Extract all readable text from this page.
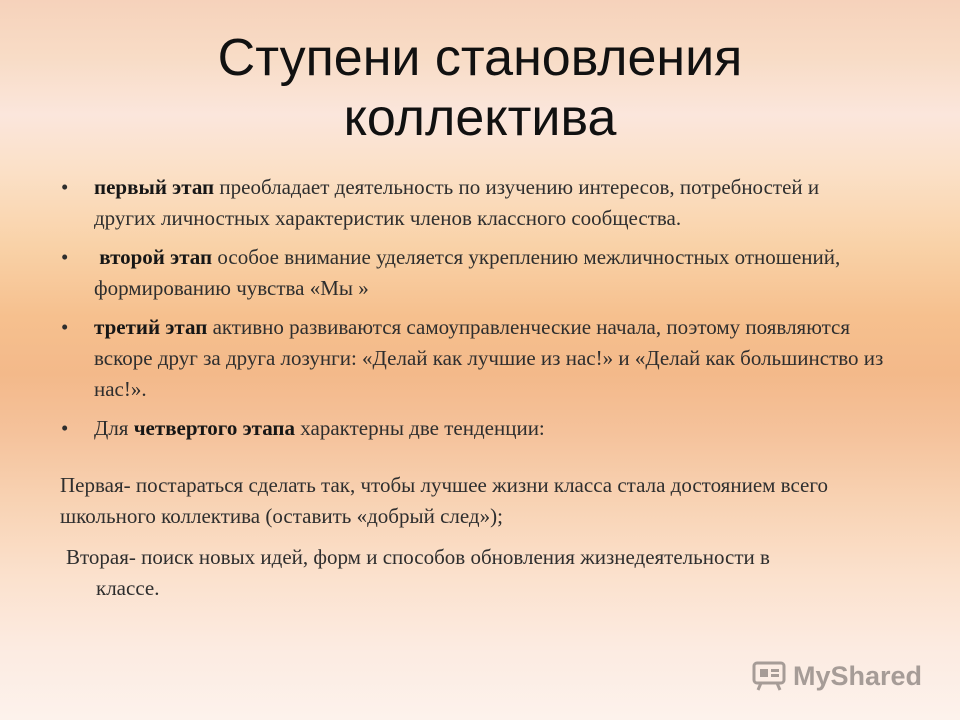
Ступени становления
коллектива
• первый этап преобладает деятельность по изучению интересов, потребностей и других личностных характеристик членов классного сообщества.
• второй этап особое внимание уделяется укреплению межличностных отношений, формированию чувства «Мы »
• третий этап активно развиваются самоуправленческие начала, поэтому появляются вскоре друг за друга лозунги: «Делай как лучшие из нас!» и «Делай как большинство из нас!».
• Для четвертого этапа характерны две тенденции:

Первая- постараться сделать так, чтобы лучшее жизни класса стала достоянием всего школьного коллектива (оставить «добрый след»);

Вторая- поиск новых идей, форм и способов обновления жизнедеятельности в
классе.

MyShared
